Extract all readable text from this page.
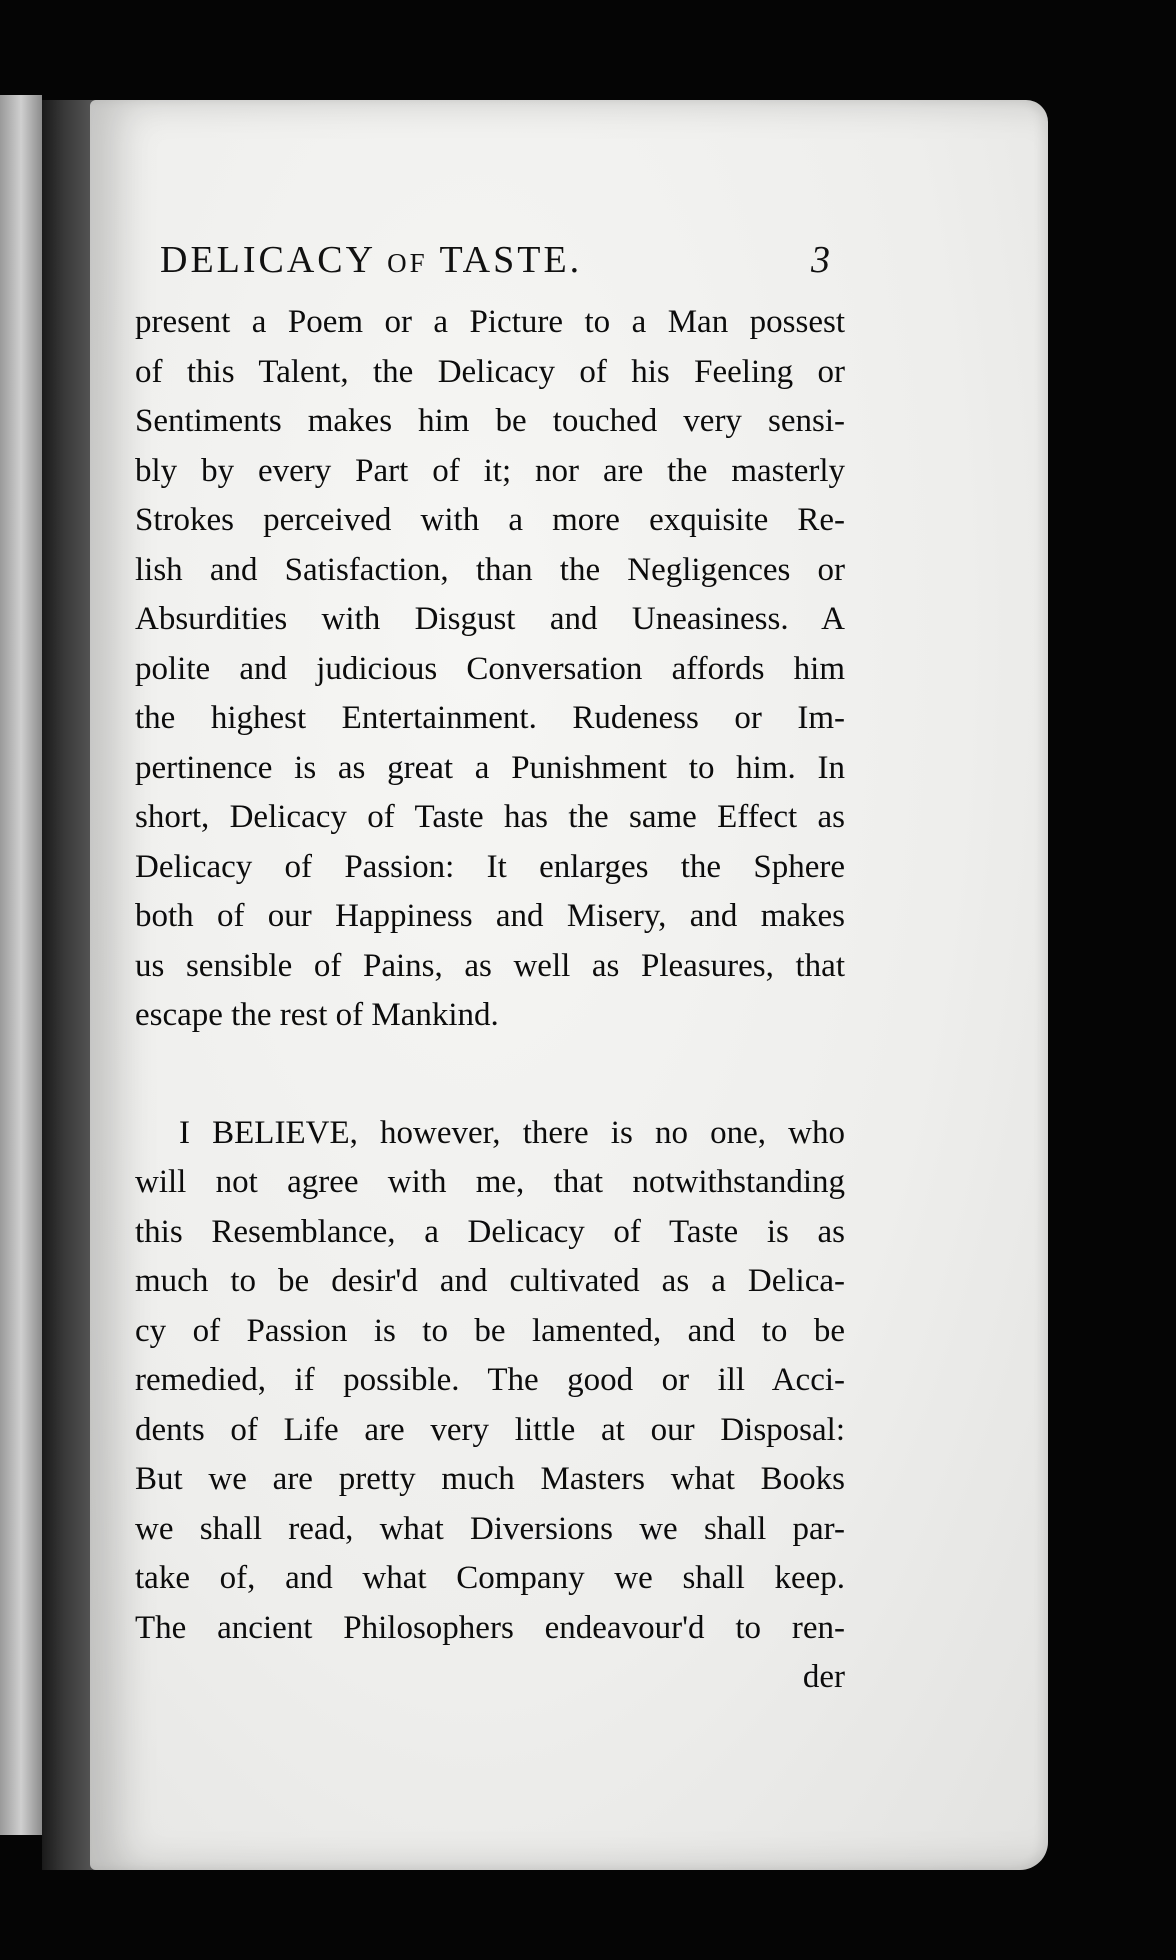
DELICACY of TASTE.	3
present a Poem or a Picture to a Man possest
of this Talent, the Delicacy of his Feeling or
Sentiments makes him be touched very sensi-
bly by every Part of it; nor are the masterly
Strokes perceived with a more exquisite Re-
lish and Satisfaction, than the Negligences or
Absurdities with Disgust and Uneasiness. A
polite and judicious Conversation affords him
the highest Entertainment. Rudeness or Im-
pertinence is as great a Punishment to him. In
short, Delicacy of Taste has the same Effect as
Delicacy of Passion: It enlarges the Sphere
both of our Happiness and Misery, and makes
us sensible of Pains, as well as Pleasures, that
escape the rest of Mankind.
I BELIEVE, however, there is no one, who
will not agree with me, that notwithstanding
this Resemblance, a Delicacy of Taste is as
much to be desir'd and cultivated as a Delica-
cy of Passion is to be lamented, and to be
remedied, if possible. The good or ill Acci-
dents of Life are very little at our Disposal:
But we are pretty much Masters what Books
we shall read, what Diversions we shall par-
take of, and what Company we shall keep.
The ancient Philosophers endeavour'd to ren-
der
